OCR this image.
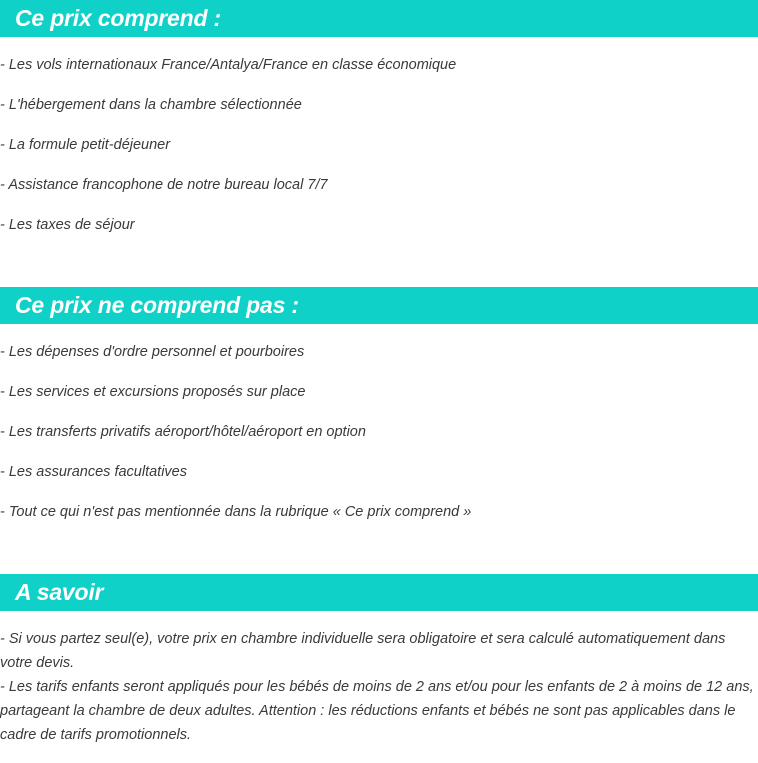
Ce prix comprend :

- Les vols internationaux France/Antalya/France en classe économique

- L'hébergement dans la chambre sélectionnée

- La formule petit-déjeuner

- Assistance francophone de notre bureau local 7/7

- Les taxes de séjour

Ce prix ne comprend pas :

- Les dépenses d'ordre personnel et pourboires

- Les services et excursions proposés sur place

- Les transferts privatifs aéroport/hôtel/aéroport en option

- Les assurances facultatives

- Tout ce qui n'est pas mentionnée dans la rubrique « Ce prix comprend »

A savoir

- Si vous partez seul(e), votre prix en chambre individuelle sera obligatoire et sera calculé automatiquement dans votre devis.

- Les tarifs enfants seront appliqués pour les bébés de moins de 2 ans et/ou pour les enfants de 2 à moins de 12 ans, partageant la chambre de deux adultes. Attention : les réductions enfants et bébés ne sont pas applicables dans le cadre de tarifs promotionnels.
